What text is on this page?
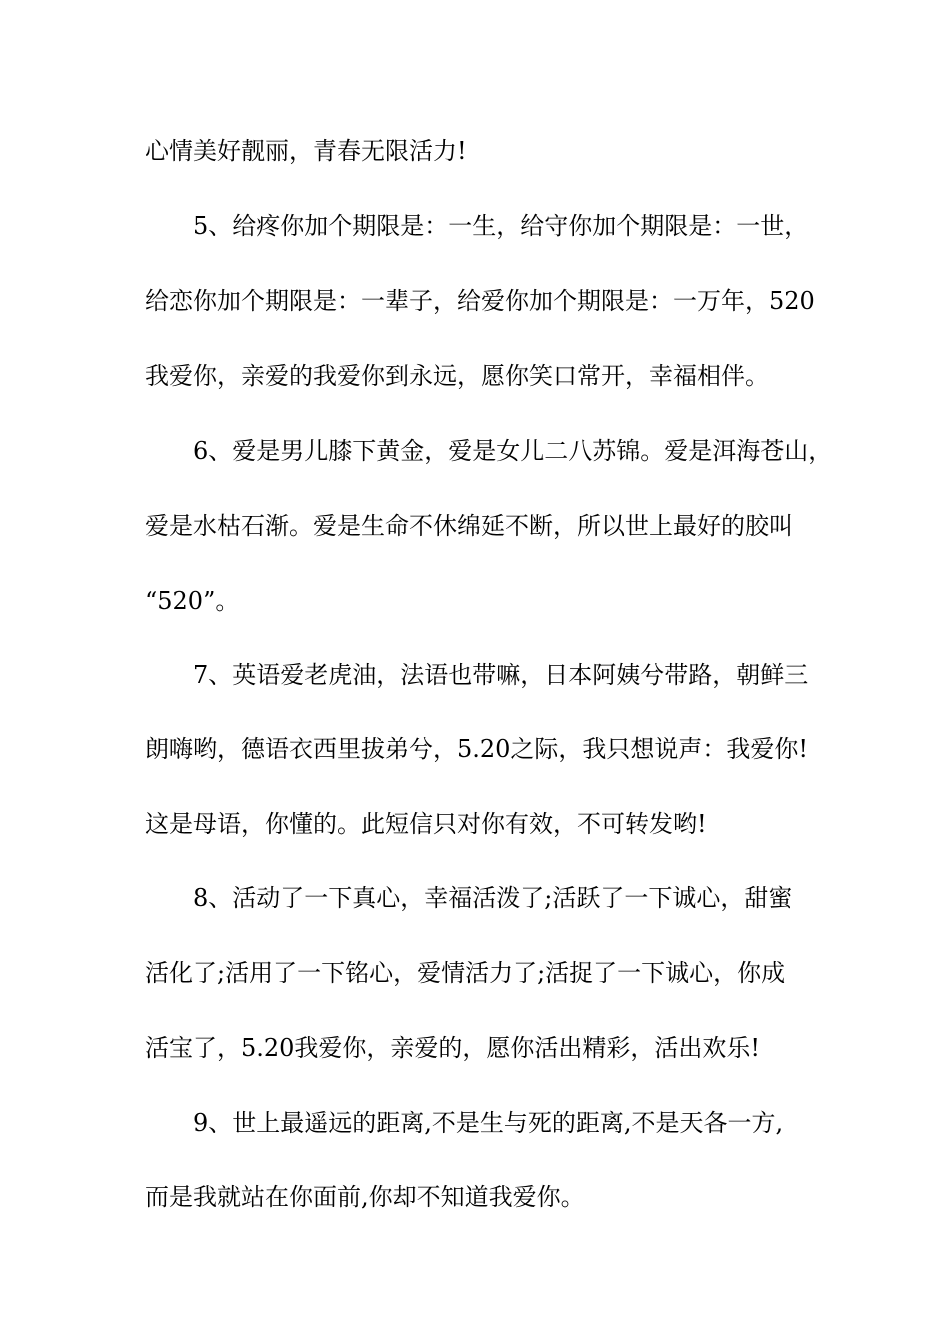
心情美好靓丽，青春无限活力!
5、给疼你加个期限是：一生，给守你加个期限是：一世，
给恋你加个期限是：一辈子，给爱你加个期限是：一万年，520
我爱你，亲爱的我爱你到永远，愿你笑口常开，幸福相伴。
6、爱是男儿膝下黄金，爱是女儿二八苏锦。爱是洱海苍山，
爱是水枯石渐。爱是生命不休绵延不断，所以世上最好的胶叫
“520”。
7、英语爱老虎油，法语也带嘛，日本阿姨兮带路，朝鲜三
朗嗨哟，德语衣西里拔弟兮，5.20之际，我只想说声：我爱你!
这是母语，你懂的。此短信只对你有效，不可转发哟!
8、活动了一下真心，幸福活泼了;活跃了一下诚心，甜蜜
活化了;活用了一下铭心，爱情活力了;活捉了一下诚心，你成
活宝了，5.20我爱你，亲爱的，愿你活出精彩，活出欢乐!
9、世上最遥远的距离,不是生与死的距离,不是天各一方,
而是我就站在你面前,你却不知道我爱你。
